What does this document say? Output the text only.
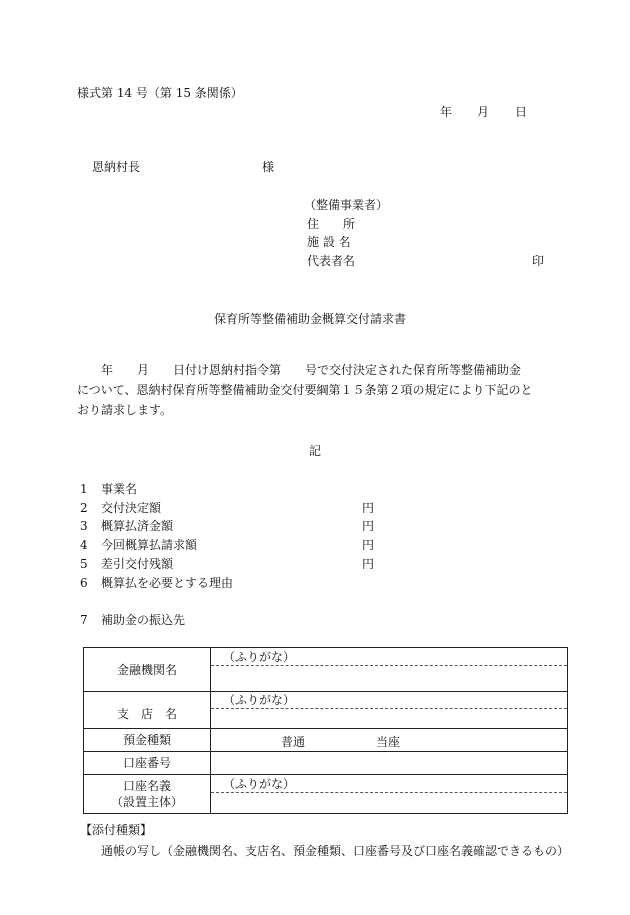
様式第 14 号（第 15 条関係）
年 月 日
恩納村長	様
（整備事業者）
住　　所
施 設 名
代表者名	印
保育所等整備補助金概算交付請求書

　　年　　月　　日付け恩納村指令第　　号で交付決定された保育所等整備補助金

について、恩納村保育所等整備補助金交付要綱第１５条第２項の規定により下記のと

おり請求します。

記
1 事業名
2 交付決定額	円
3 概算払済金額	円
4 今回概算払請求額	円
5 差引交付残額	円
6 概算払を必要とする理由
7 補助金の振込先
金融機関名	（ふりがな）

支　店　名	（ふりがな）

預金種類	普通 当座

口座番号	

口座名義
（設置主体）	（ふりがな）
【添付種類】
通帳の写し（金融機関名、支店名、預金種類、口座番号及び口座名義確認できるもの）
